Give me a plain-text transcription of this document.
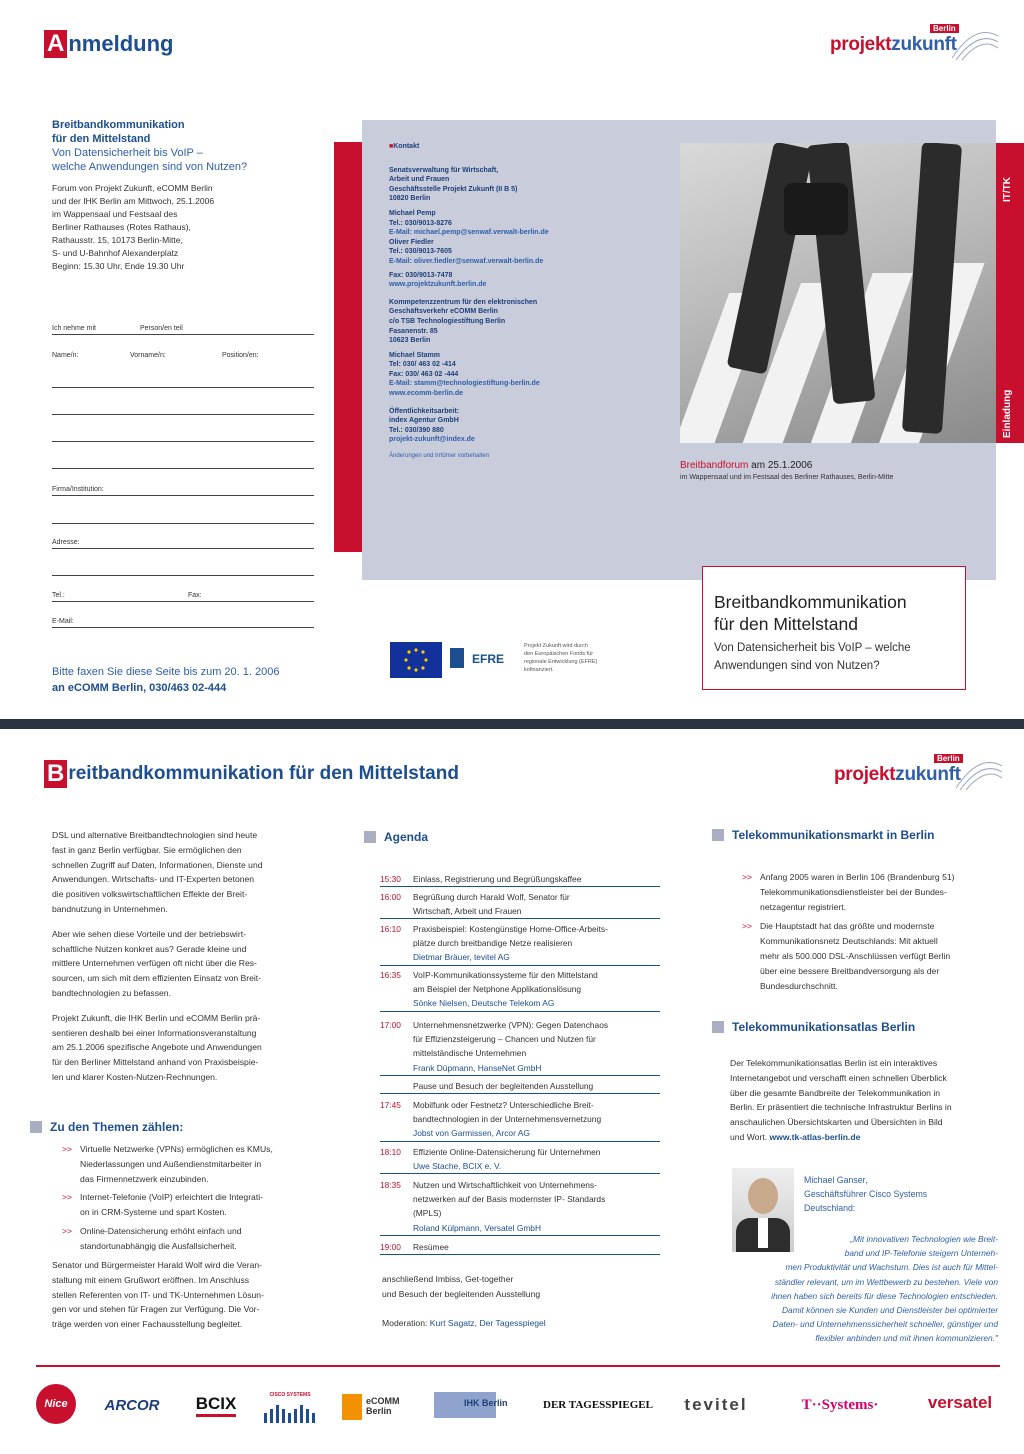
A nmeldung
Berlin
projektzukunft
Breitbandkommunikation
für den Mittelstand
Von Datensicherheit bis VoIP –
welche Anwendungen sind von Nutzen?
Forum von Projekt Zukunft, eCOMM Berlin
und der IHK Berlin am Mittwoch, 25.1.2006
im Wappensaal und Festsaal des
Berliner Rathauses (Rotes Rathaus),
Rathausstr. 15, 10173 Berlin-Mitte,
S- und U-Bahnhof Alexanderplatz
Beginn: 15.30 Uhr, Ende 19.30 Uhr
Ich nehme mit	Person/en teil
Name/n:	Vorname/n:	Position/en:
Firma/Institution:
Adresse:
Tel.:	Fax:
E-Mail:
Bitte faxen Sie diese Seite bis zum 20. 1. 2006
an eCOMM Berlin, 030/463 02-444
■Kontakt
Senatsverwaltung für Wirtschaft,
Arbeit und Frauen
Geschäftsstelle Projekt Zukunft (II B 5)
10820 Berlin
Michael Pemp
Tel.: 030/9013-8276
E-Mail: michael.pemp@senwaf.verwalt-berlin.de
Oliver Fiedler
Tel.: 030/9013-7605
E-Mail: oliver.fiedler@senwaf.verwalt-berlin.de
Fax: 030/9013-7478
www.projektzukunft.berlin.de
Kommpetenzzentrum für den elektronischen
Geschäftsverkehr eCOMM Berlin
c/o TSB Technologiestiftung Berlin
Fasanenstr. 85
10623 Berlin
Michael Stamm
Tel: 030/ 463 02 -414
Fax: 030/ 463 02 -444
E-Mail: stamm@technologiestiftung-berlin.de
www.ecomm-berlin.de
Öffentlichkeitsarbeit:
index Agentur GmbH
Tel.: 030/390 880
projekt-zukunft@index.de
Änderungen und Irrtümer vorbehalten
IT/TK
Einladung
Breitbandforum am 25.1.2006
im Wappensaal und im Festsaal des Berliner Rathauses, Berlin-Mitte
Breitbandkommunikation
für den Mittelstand
Von Datensicherheit bis VoIP – welche
Anwendungen sind von Nutzen?
EFRE
Projekt Zukunft wird durch
den Europäischen Fonds für
regionale Entwicklung (EFRE)
kofinanziert.
B reitbandkommunikation für den Mittelstand
Berlin
projektzukunft
DSL und alternative Breitbandtechnologien sind heute
fast in ganz Berlin verfügbar. Sie ermöglichen den
schnellen Zugriff auf Daten, Informationen, Dienste und
Anwendungen. Wirtschafts- und IT-Experten betonen
die positiven volkswirtschaftlichen Effekte der Breit-
bandnutzung in Unternehmen.
Aber wie sehen diese Vorteile und der betriebswirt-
schaftliche Nutzen konkret aus? Gerade kleine und
mittlere Unternehmen verfügen oft nicht über die Res-
sourcen, um sich mit dem effizienten Einsatz von Breit-
bandtechnologien zu befassen.
Projekt Zukunft, die IHK Berlin und eCOMM Berlin prä-
sentieren deshalb bei einer Informationsveranstaltung
am 25.1.2006 spezifische Angebote und Anwendungen
für den Berliner Mittelstand anhand von Praxisbeispie-
len und klarer Kosten-Nutzen-Rechnungen.
Zu den Themen zählen:
>> Virtuelle Netzwerke (VPNs) ermöglichen es KMUs,
Niederlassungen und Außendienstmitarbeiter in
das Firmennetzwerk einzubinden.
>> Internet-Telefonie (VoIP) erleichtert die Integrati-
on in CRM-Systeme und spart Kosten.
>> Online-Datensicherung erhöht einfach und
standortunabhängig die Ausfallsicherheit.
Senator und Bürgermeister Harald Wolf wird die Veran-
staltung mit einem Grußwort eröffnen. Im Anschluss
stellen Referenten von IT- und TK-Unternehmen Lösun-
gen vor und stehen für Fragen zur Verfügung. Die Vor-
träge werden von einer Fachausstellung begleitet.
Agenda
15:30 Einlass, Registrierung und Begrüßungskaffee
16:00 Begrüßung durch Harald Wolf, Senator für
Wirtschaft, Arbeit und Frauen
16:10 Praxisbeispiel: Kostengünstige Home-Office-Arbeits-
plätze durch breitbandige Netze realisieren
Dietmar Bräuer, tevitel AG
16:35 VoIP-Kommunikationssysteme für den Mittelstand
am Beispiel der Netphone Applikationslösung
Sönke Nielsen, Deutsche Telekom AG
17:00 Unternehmensnetzwerke (VPN): Gegen Datenchaos
für Effizienzsteigerung – Chancen und Nutzen für
mittelständische Unternehmen
Frank Düpmann, HanseNet GmbH
Pause und Besuch der begleitenden Ausstellung
17:45 Mobilfunk oder Festnetz? Unterschiedliche Breit-
bandtechnologien in der Unternehmensvernetzung
Jobst von Garmissen, Arcor AG
18:10 Effiziente Online-Datensicherung für Unternehmen
Uwe Stache, BCIX e. V.
18:35 Nutzen und Wirtschaftlichkeit von Unternehmens-
netzwerken auf der Basis modernster IP- Standards
(MPLS)
Roland Külpmann, Versatel GmbH
19:00 Resümee
anschließend Imbiss, Get-together
und Besuch der begleitenden Ausstellung
Moderation: Kurt Sagatz, Der Tagesspiegel
Telekommunikationsmarkt in Berlin
>> Anfang 2005 waren in Berlin 106 (Brandenburg 51)
Telekommunikationsdienstleister bei der Bundes-
netzagentur registriert.
>> Die Hauptstadt hat das größte und modernste
Kommunikationsnetz Deutschlands: Mit aktuell
mehr als 500.000 DSL-Anschlüssen verfügt Berlin
über eine bessere Breitbandversorgung als der
Bundesdurchschnitt.
Telekommunikationsatlas Berlin
Der Telekommunikationsatlas Berlin ist ein interaktives
Internetangebot und verschafft einen schnellen Überblick
über die gesamte Bandbreite der Telekommunikation in
Berlin. Er präsentiert die technische Infrastruktur Berlins in
anschaulichen Übersichtskarten und Übersichten in Bild
und Wort. www.tk-atlas-berlin.de
Michael Ganser,
Geschäftsführer Cisco Systems
Deutschland:
„Mit innovativen Technologien wie Breit-
band und IP-Telefonie steigern Unterneh-
men Produktivität und Wachstum. Dies ist auch für Mittel-
ständler relevant, um im Wettbewerb zu bestehen. Viele von
ihnen haben sich bereits für diese Technologien entschieden.
Damit können sie Kunden und Dienstleister bei optimierter
Daten- und Unternehmenssicherheit schneller, günstiger und
flexibler anbinden und mit ihnen kommunizieren."
Nice ARCOR BCIX	CISCO SYSTEMS
eCOMM Berlin
IHK Berlin	DER TAGESSPIEGEL tevitel	T··Systems·	versatel
